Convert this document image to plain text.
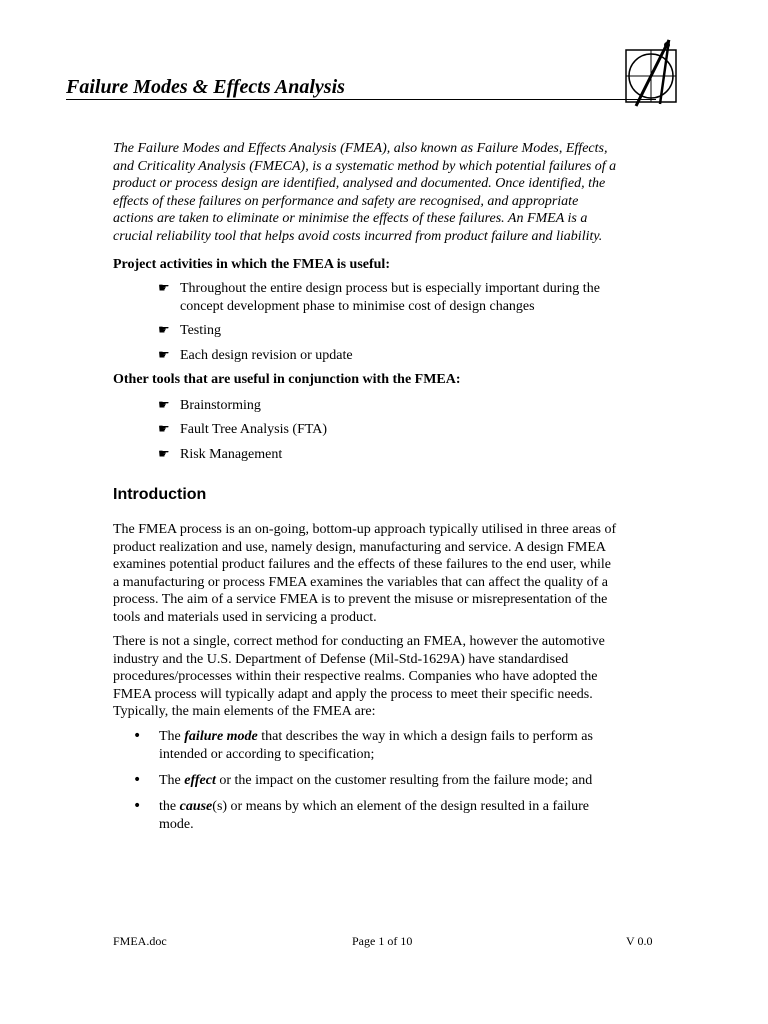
Failure Modes & Effects Analysis
The Failure Modes and Effects Analysis (FMEA), also known as Failure Modes, Effects,
and Criticality Analysis (FMECA), is a systematic method by which potential failures of a
product or process design are identified, analysed and documented. Once identified, the
effects of these failures on performance and safety are recognised, and appropriate
actions are taken to eliminate or minimise the effects of these failures. An FMEA is a
crucial reliability tool that helps avoid costs incurred from product failure and liability.
Project activities in which the FMEA is useful:
☛ Throughout the entire design process but is especially important during the
concept development phase to minimise cost of design changes
☛ Testing
☛ Each design revision or update
Other tools that are useful in conjunction with the FMEA:
☛ Brainstorming
☛ Fault Tree Analysis (FTA)
☛ Risk Management
Introduction
The FMEA process is an on-going, bottom-up approach typically utilised in three areas of
product realization and use, namely design, manufacturing and service. A design FMEA
examines potential product failures and the effects of these failures to the end user, while
a manufacturing or process FMEA examines the variables that can affect the quality of a
process. The aim of a service FMEA is to prevent the misuse or misrepresentation of the
tools and materials used in servicing a product.
There is not a single, correct method for conducting an FMEA, however the automotive
industry and the U.S. Department of Defense (Mil-Std-1629A) have standardised
procedures/processes within their respective realms. Companies who have adopted the
FMEA process will typically adapt and apply the process to meet their specific needs.
Typically, the main elements of the FMEA are:
• The failure mode that describes the way in which a design fails to perform as
intended or according to specification;
• The effect or the impact on the customer resulting from the failure mode; and
• the cause(s) or means by which an element of the design resulted in a failure
mode.
FMEA.doc	Page 1 of 10	V 0.0
